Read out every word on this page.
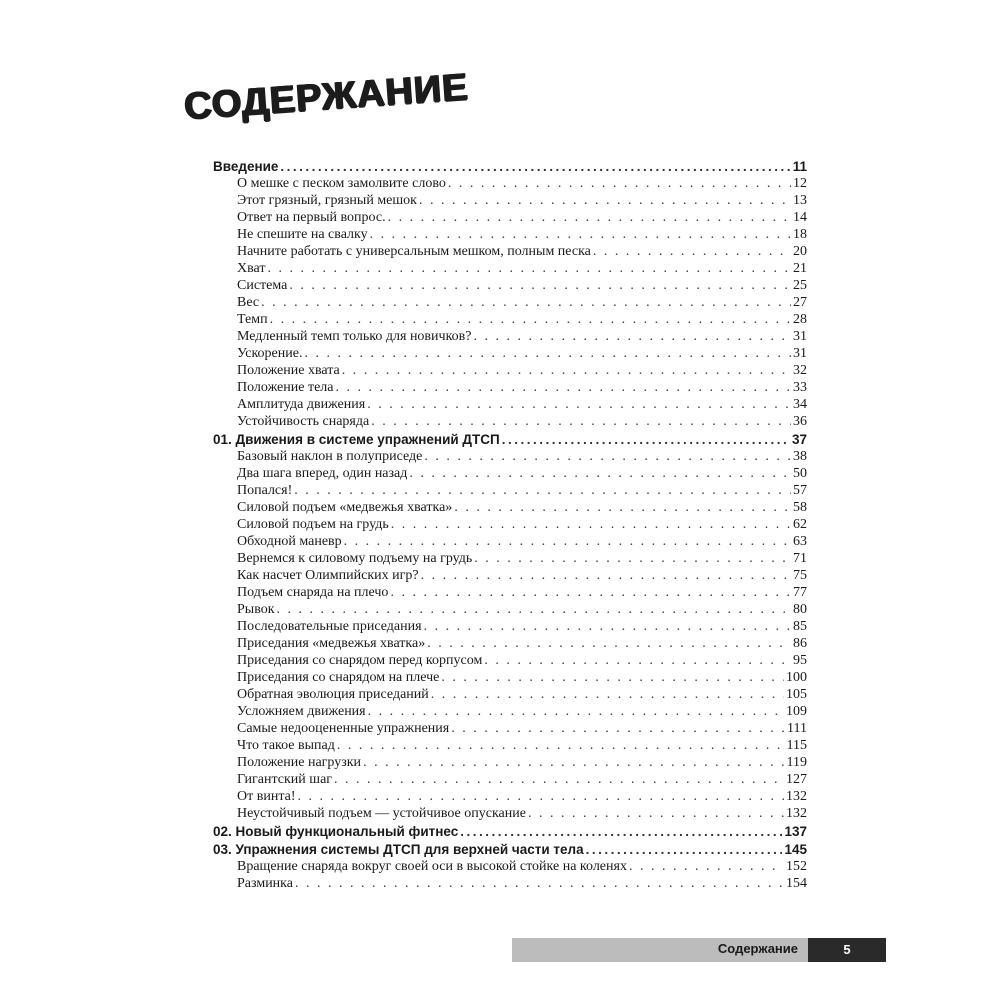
СОДЕРЖАНИЕ
Введение .....	11
О мешке с песком замолвите слово . . .	12
Этот грязный, грязный мешок . . .	13
Ответ на первый вопрос. . . .	14
Не спешите на свалку . . .	18
Начните работать с универсальным мешком, полным песка . . .	20
Хват . . .	21
Система . . .	25
Вес . . .	27
Темп . . .	28
Медленный темп только для новичков? . . .	31
Ускорение. . . .	31
Положение хвата . . .	32
Положение тела . . .	33
Амплитуда движения . . .	34
Устойчивость снаряда . . .	36
01. Движения в системе упражнений ДТСП .....	37
Базовый наклон в полуприседе . . .	38
Два шага вперед, один назад . . .	50
Попался! . . .	57
Силовой подъем «медвежья хватка» . . .	58
Силовой подъем на грудь . . .	62
Обходной маневр . . .	63
Вернемся к силовому подъему на грудь . . .	71
Как насчет Олимпийских игр? . . .	75
Подъем снаряда на плечо . . .	77
Рывок . . .	80
Последовательные приседания . . .	85
Приседания «медвежья хватка» . . .	86
Приседания со снарядом перед корпусом . . .	95
Приседания со снарядом на плече . . .	100
Обратная эволюция приседаний . . .	105
Усложняем движения . . .	109
Самые недооцененные упражнения . . .	111
Что такое выпад . . .	115
Положение нагрузки . . .	119
Гигантский шаг . . .	127
От винта! . . .	132
Неустойчивый подъем — устойчивое опускание . . .	132
02. Новый функциональный фитнес .....	137
03. Упражнения системы ДТСП для верхней части тела .....	145
Вращение снаряда вокруг своей оси в высокой стойке на коленях . . .	152
Разминка . . .	154
Содержание	5
